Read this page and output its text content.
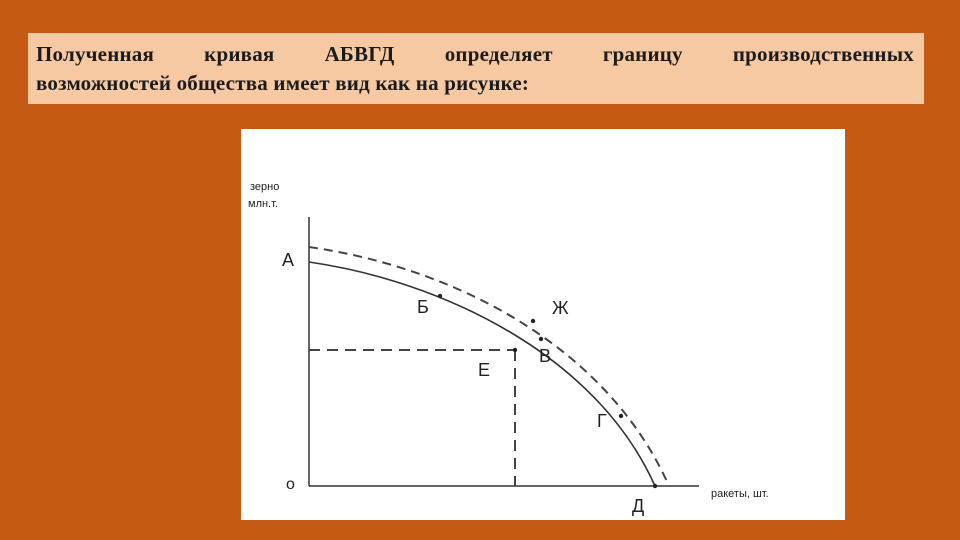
Полученная кривая АБВГД определяет границу производственных
возможностей общества имеет вид как на рисунке:
зерно
млн.т.
ракеты, шт.
о
А
Б	Ж
В
Е
Г
Д
